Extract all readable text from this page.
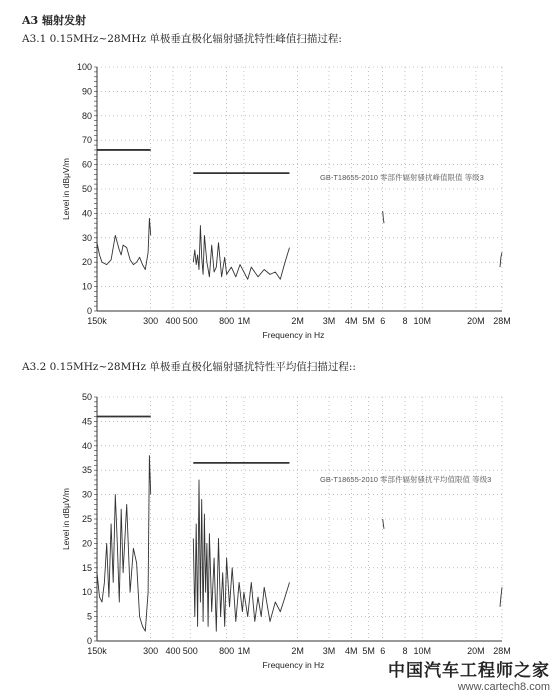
A3 辐射发射
A3.1 0.15MHz~28MHz 单极垂直极化辐射骚扰特性峰值扫描过程:
0
10
20
30
40
50
60
70
80
90
100
150k	300 400 500 800 1M	2M 3M 4M 5M 6 8 10M	20M 28M
Frequency in Hz
Level in dBμV/m	GB-T18655-2010 零部件辐射骚扰峰值限值 等级3
A3.2 0.15MHz~28MHz 单极垂直极化辐射骚扰特性平均值扫描过程::
0
5
10
15
20
25
30
35
40
45
50
150k	300 400 500 800 1M	2M 3M 4M 5M 6 8 10M	20M 28M
Frequency in Hz
Level in dBμV/m
GB-T18655-2010 零部件辐射骚扰平均值限值 等级3
中国汽车工程师之家
www.cartech8.com
